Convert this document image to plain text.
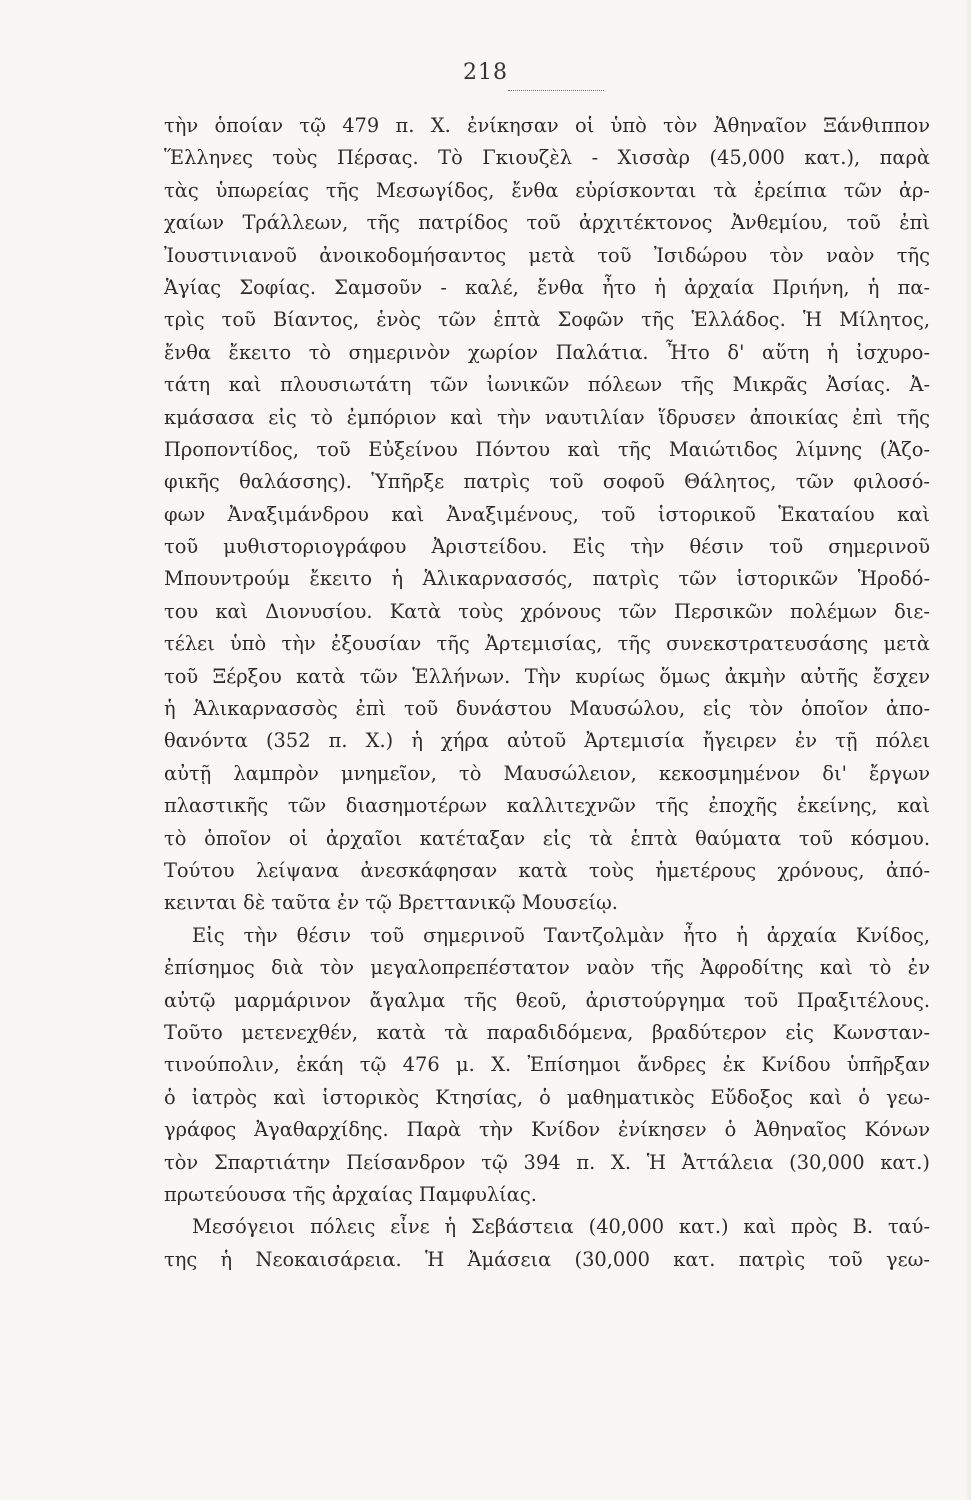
218
τὴν ὁποίαν τῷ 479 π. Χ. ἐνίκησαν οἱ ὑπὸ τὸν Ἀθηναῖον Ξάνθιππον
Ἕλληνες τοὺς Πέρσας. Τὸ Γκιουζὲλ - Χισσὰρ (45,000 κατ.), παρὰ
τὰς ὑπωρείας τῆς Μεσωγίδος, ἔνθα εὑρίσκονται τὰ ἐρείπια τῶν ἀρ-
χαίων Τράλλεων, τῆς πατρίδος τοῦ ἀρχιτέκτονος Ἀνθεμίου, τοῦ ἐπὶ
Ἰουστινιανοῦ ἀνοικοδομήσαντος μετὰ τοῦ Ἰσιδώρου τὸν ναὸν τῆς
Ἁγίας Σοφίας. Σαμσοῦν - καλέ, ἔνθα ἦτο ἡ ἀρχαία Πριήνη, ἡ πα-
τρὶς τοῦ Βίαντος, ἑνὸς τῶν ἑπτὰ Σοφῶν τῆς Ἑλλάδος. Ἡ Μίλητος,
ἔνθα ἔκειτο τὸ σημερινὸν χωρίον Παλάτια. Ἦτο δ' αὕτη ἡ ἰσχυρο-
τάτη καὶ πλουσιωτάτη τῶν ἰωνικῶν πόλεων τῆς Μικρᾶς Ἀσίας. Ἀ-
κμάσασα εἰς τὸ ἐμπόριον καὶ τὴν ναυτιλίαν ἵδρυσεν ἀποικίας ἐπὶ τῆς
Προποντίδος, τοῦ Εὐξείνου Πόντου καὶ τῆς Μαιώτιδος λίμνης (Ἀζο-
φικῆς θαλάσσης). Ὑπῆρξε πατρὶς τοῦ σοφοῦ Θάλητος, τῶν φιλοσό-
φων Ἀναξιμάνδρου καὶ Ἀναξιμένους, τοῦ ἱστορικοῦ Ἑκαταίου καὶ
τοῦ μυθιστοριογράφου Ἀριστείδου. Εἰς τὴν θέσιν τοῦ σημερινοῦ
Μπουντρούμ ἔκειτο ἡ Ἁλικαρνασσός, πατρὶς τῶν ἱστορικῶν Ἡροδό-
του καὶ Διονυσίου. Κατὰ τοὺς χρόνους τῶν Περσικῶν πολέμων διε-
τέλει ὑπὸ τὴν ἐξουσίαν τῆς Ἀρτεμισίας, τῆς συνεκστρατευσάσης μετὰ
τοῦ Ξέρξου κατὰ τῶν Ἑλλήνων. Τὴν κυρίως ὅμως ἀκμὴν αὐτῆς ἔσχεν
ἡ Ἁλικαρνασσὸς ἐπὶ τοῦ δυνάστου Μαυσώλου, εἰς τὸν ὁποῖον ἀπο-
θανόντα (352 π. Χ.) ἡ χήρα αὐτοῦ Ἀρτεμισία ἤγειρεν ἐν τῇ πόλει
αὐτῇ λαμπρὸν μνημεῖον, τὸ Μαυσώλειον, κεκοσμημένον δι' ἔργων
πλαστικῆς τῶν διασημοτέρων καλλιτεχνῶν τῆς ἐποχῆς ἐκείνης, καὶ
τὸ ὁποῖον οἱ ἀρχαῖοι κατέταξαν εἰς τὰ ἑπτὰ θαύματα τοῦ κόσμου.
Τούτου λείψανα ἀνεσκάφησαν κατὰ τοὺς ἡμετέρους χρόνους, ἀπό-
κεινται δὲ ταῦτα ἐν τῷ Βρεττανικῷ Μουσείῳ.
Εἰς τὴν θέσιν τοῦ σημερινοῦ Ταντζολμὰν ἦτο ἡ ἀρχαία Κνίδος,
ἐπίσημος διὰ τὸν μεγαλοπρεπέστατον ναὸν τῆς Ἀφροδίτης καὶ τὸ ἐν
αὐτῷ μαρμάρινον ἄγαλμα τῆς θεοῦ, ἀριστούργημα τοῦ Πραξιτέλους.
Τοῦτο μετενεχθέν, κατὰ τὰ παραδιδόμενα, βραδύτερον εἰς Κωνσταν-
τινούπολιν, ἐκάη τῷ 476 μ. Χ. Ἐπίσημοι ἄνδρες ἐκ Κνίδου ὑπῆρξαν
ὁ ἰατρὸς καὶ ἱστορικὸς Κτησίας, ὁ μαθηματικὸς Εὔδοξος καὶ ὁ γεω-
γράφος Ἀγαθαρχίδης. Παρὰ τὴν Κνίδον ἐνίκησεν ὁ Ἀθηναῖος Κόνων
τὸν Σπαρτιάτην Πείσανδρον τῷ 394 π. Χ. Ἡ Ἀττάλεια (30,000 κατ.)
πρωτεύουσα τῆς ἀρχαίας Παμφυλίας.
Μεσόγειοι πόλεις εἶνε ἡ Σεβάστεια (40,000 κατ.) καὶ πρὸς Β. ταύ-
της ἡ Νεοκαισάρεια. Ἡ Ἀμάσεια (30,000 κατ. πατρὶς τοῦ γεω-
